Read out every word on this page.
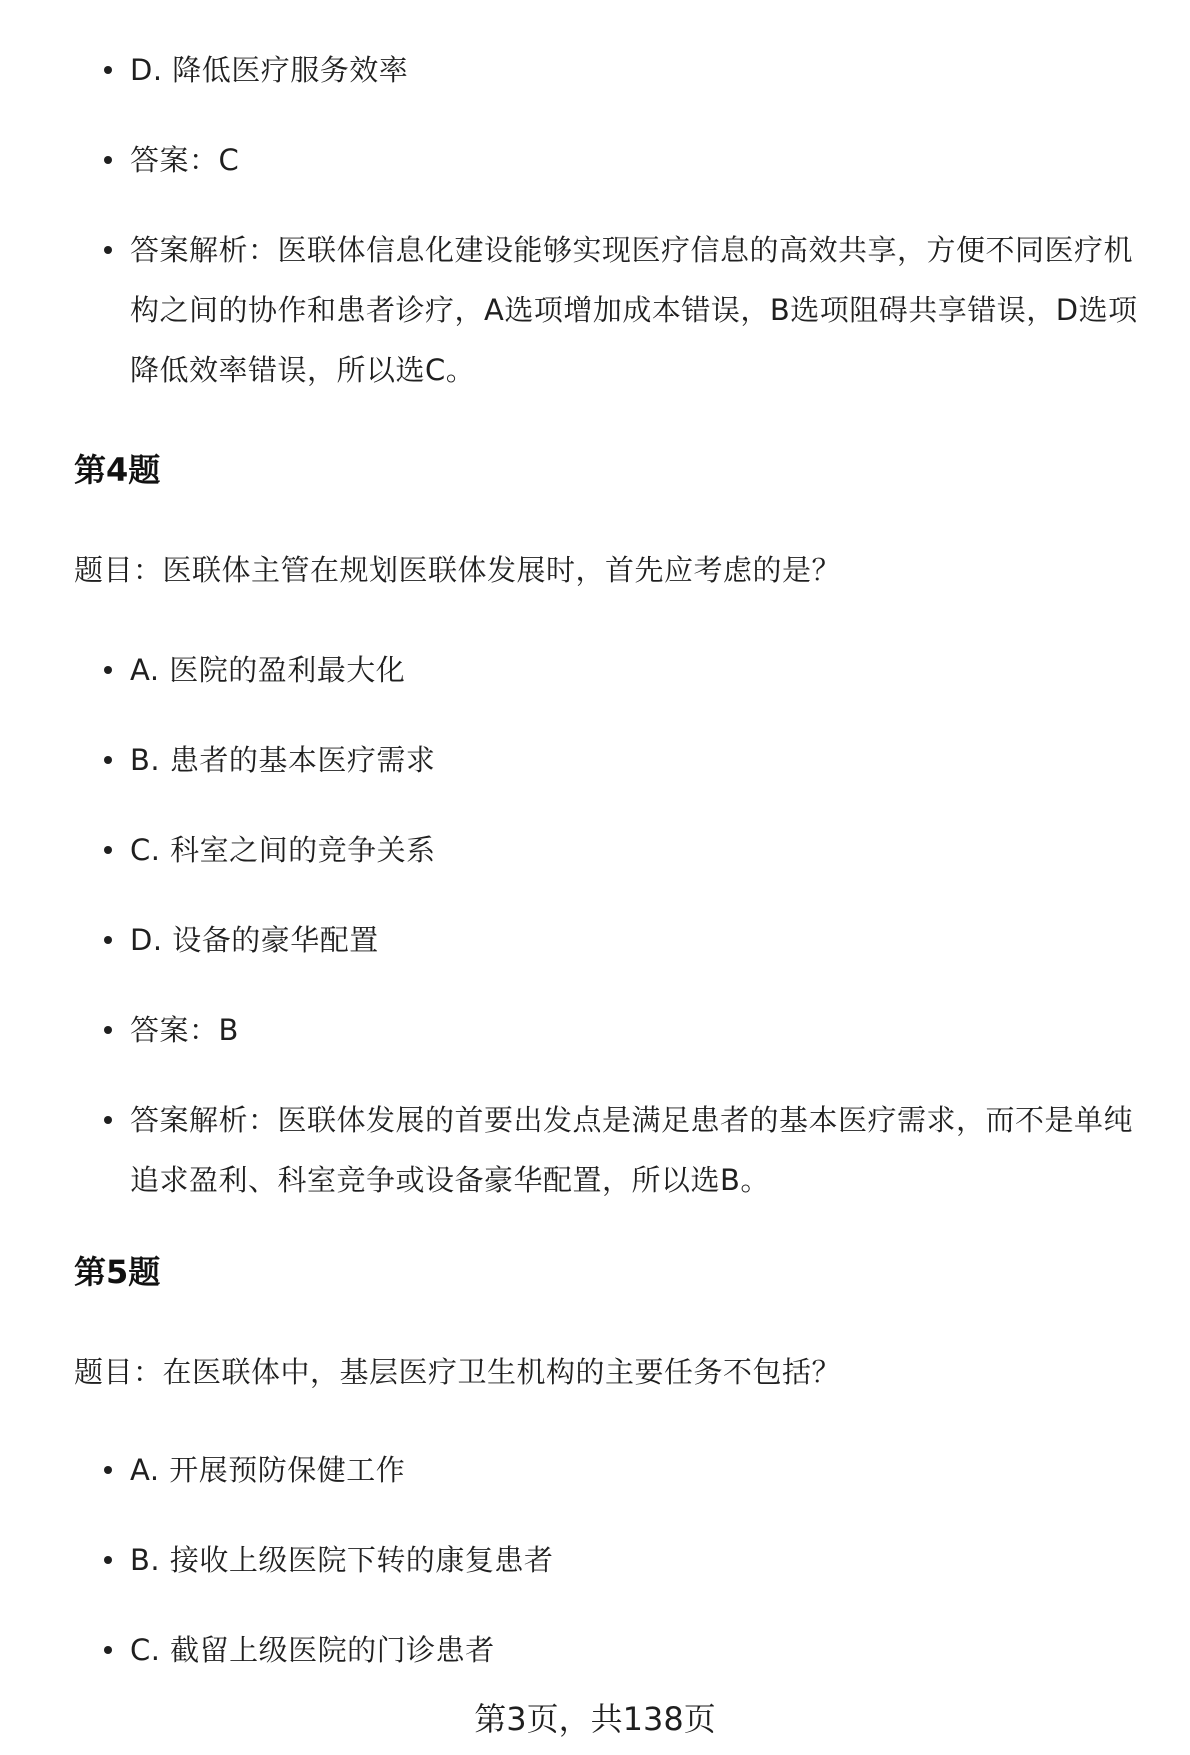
D. 降低医疗服务效率
答案：C
答案解析：医联体信息化建设能够实现医疗信息的高效共享，方便不同医疗机构之间的协作和患者诊疗，A选项增加成本错误，B选项阻碍共享错误，D选项降低效率错误，所以选C。
第4题
题目：医联体主管在规划医联体发展时，首先应考虑的是？
A. 医院的盈利最大化
B. 患者的基本医疗需求
C. 科室之间的竞争关系
D. 设备的豪华配置
答案：B
答案解析：医联体发展的首要出发点是满足患者的基本医疗需求，而不是单纯追求盈利、科室竞争或设备豪华配置，所以选B。
第5题
题目：在医联体中，基层医疗卫生机构的主要任务不包括？
A. 开展预防保健工作
B. 接收上级医院下转的康复患者
C. 截留上级医院的门诊患者
第3页，共138页
